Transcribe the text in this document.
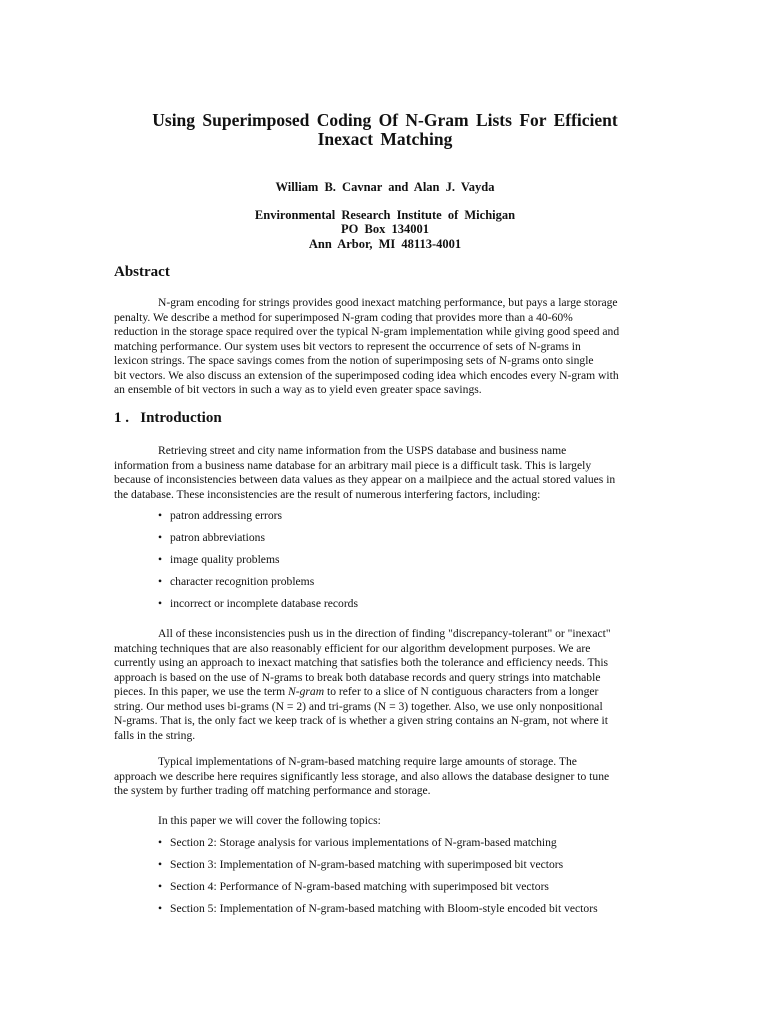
Using Superimposed Coding Of N-Gram Lists For Efficient
Inexact Matching
William B. Cavnar and Alan J. Vayda
Environmental Research Institute of Michigan
PO Box 134001
Ann Arbor, MI 48113-4001
Abstract
N-gram encoding for strings provides good inexact matching performance, but pays a large storage
penalty. We describe a method for superimposed N-gram coding that provides more than a 40-60%
reduction in the storage space required over the typical N-gram implementation while giving good speed and
matching performance. Our system uses bit vectors to represent the occurrence of sets of N-grams in
lexicon strings. The space savings comes from the notion of superimposing sets of N-grams onto single
bit vectors. We also discuss an extension of the superimposed coding idea which encodes every N-gram with
an ensemble of bit vectors in such a way as to yield even greater space savings.
1 .   Introduction
Retrieving street and city name information from the USPS database and business name
information from a business name database for an arbitrary mail piece is a difficult task. This is largely
because of inconsistencies between data values as they appear on a mailpiece and the actual stored values in
the database. These inconsistencies are the result of numerous interfering factors, including:
• patron addressing errors
• patron abbreviations
• image quality problems
• character recognition problems
• incorrect or incomplete database records
All of these inconsistencies push us in the direction of finding "discrepancy-tolerant" or "inexact"
matching techniques that are also reasonably efficient for our algorithm development purposes. We are
currently using an approach to inexact matching that satisfies both the tolerance and efficiency needs. This
approach is based on the use of N-grams to break both database records and query strings into matchable
pieces. In this paper, we use the term N-gram to refer to a slice of N contiguous characters from a longer
string. Our method uses bi-grams (N = 2) and tri-grams (N = 3) together. Also, we use only nonpositional
N-grams. That is, the only fact we keep track of is whether a given string contains an N-gram, not where it
falls in the string.
Typical implementations of N-gram-based matching require large amounts of storage. The
approach we describe here requires significantly less storage, and also allows the database designer to tune
the system by further trading off matching performance and storage.
In this paper we will cover the following topics:
• Section 2: Storage analysis for various implementations of N-gram-based matching
• Section 3: Implementation of N-gram-based matching with superimposed bit vectors
• Section 4: Performance of N-gram-based matching with superimposed bit vectors
• Section 5: Implementation of N-gram-based matching with Bloom-style encoded bit vectors
